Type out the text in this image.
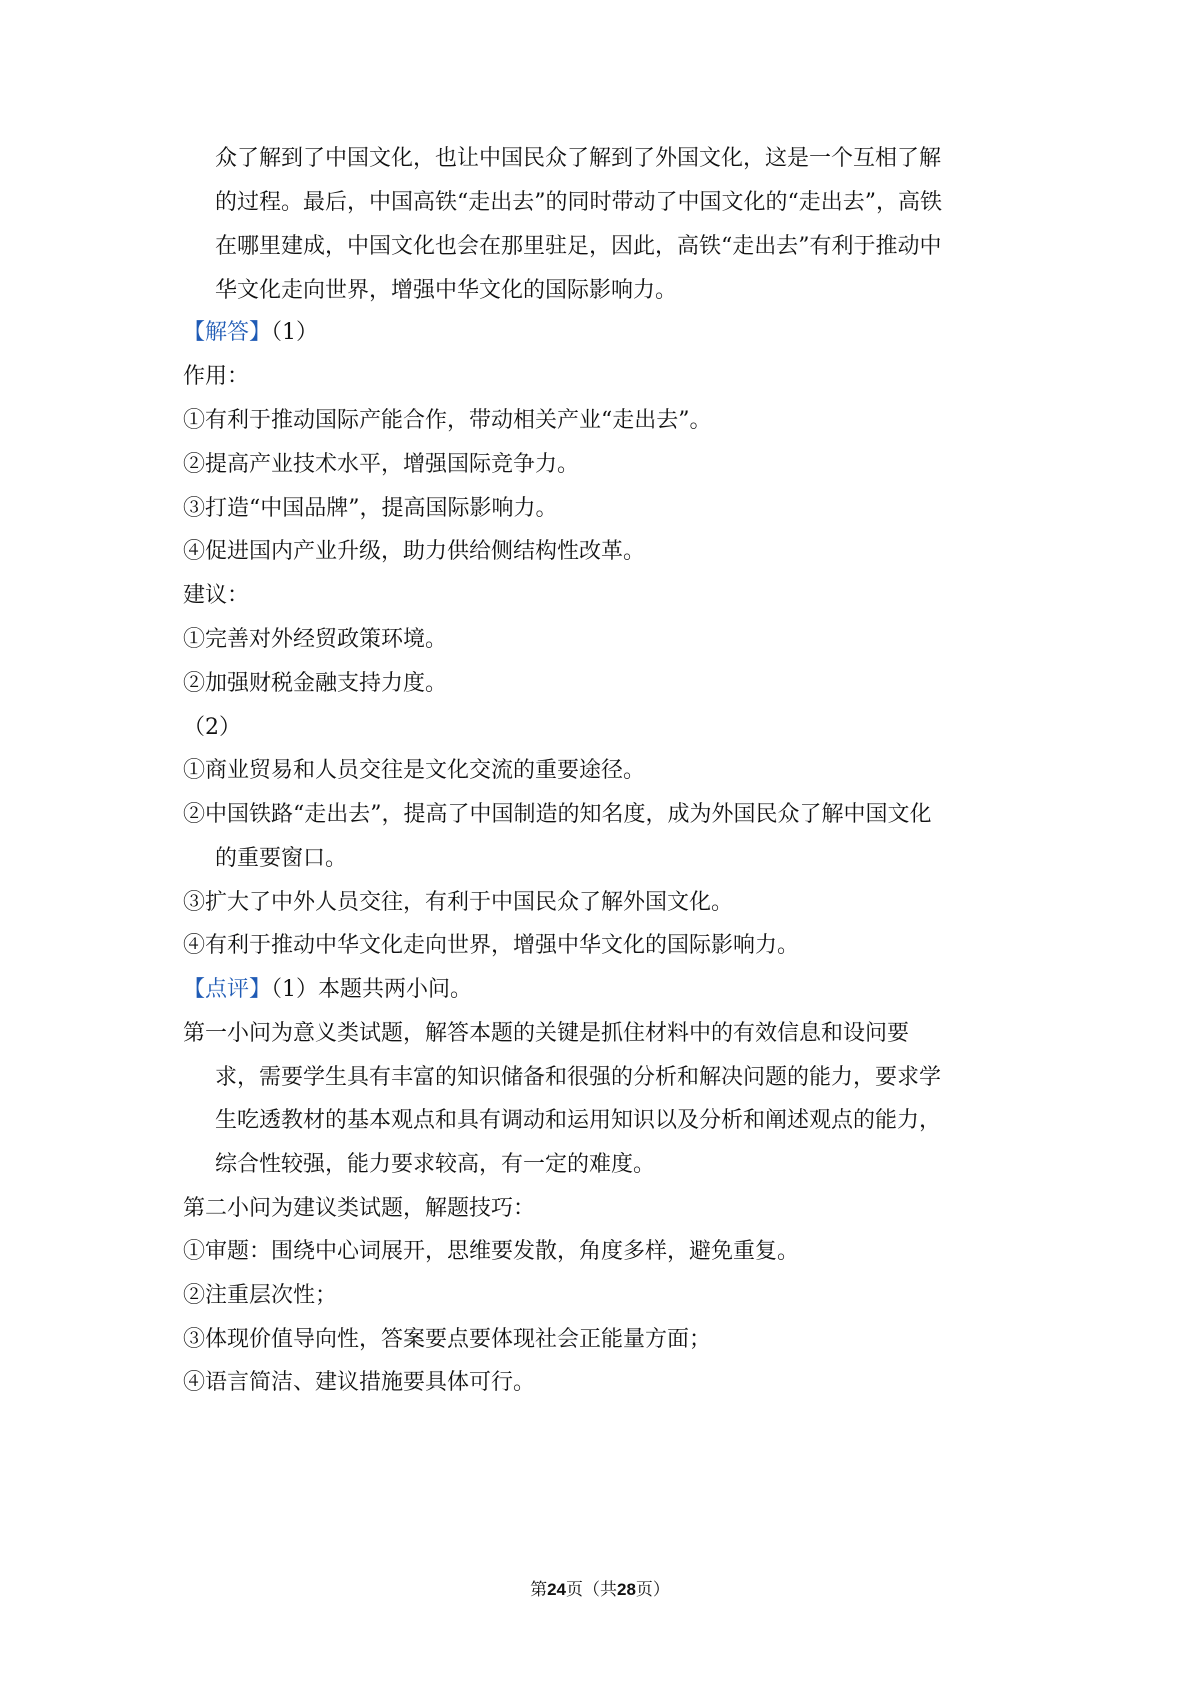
众了解到了中国文化，也让中国民众了解到了外国文化，这是一个互相了解
的过程。最后，中国高铁“走出去”的同时带动了中国文化的“走出去”，高铁
在哪里建成，中国文化也会在那里驻足，因此，高铁“走出去”有利于推动中
华文化走向世界，增强中华文化的国际影响力。
【解答】（1）
作用：
①有利于推动国际产能合作，带动相关产业“走出去”。
②提高产业技术水平，增强国际竞争力。
③打造“中国品牌”，提高国际影响力。
④促进国内产业升级，助力供给侧结构性改革。
建议：
①完善对外经贸政策环境。
②加强财税金融支持力度。
（2）
①商业贸易和人员交往是文化交流的重要途径。
②中国铁路“走出去”，提高了中国制造的知名度，成为外国民众了解中国文化
的重要窗口。
③扩大了中外人员交往，有利于中国民众了解外国文化。
④有利于推动中华文化走向世界，增强中华文化的国际影响力。
【点评】（1）本题共两小问。
第一小问为意义类试题，解答本题的关键是抓住材料中的有效信息和设问要
求，需要学生具有丰富的知识储备和很强的分析和解决问题的能力，要求学
生吃透教材的基本观点和具有调动和运用知识以及分析和阐述观点的能力，
综合性较强，能力要求较高，有一定的难度。
第二小问为建议类试题，解题技巧：
①审题：围绕中心词展开，思维要发散，角度多样，避免重复。
②注重层次性；
③体现价值导向性，答案要点要体现社会正能量方面；
④语言简洁、建议措施要具体可行。
第24页（共28页）
